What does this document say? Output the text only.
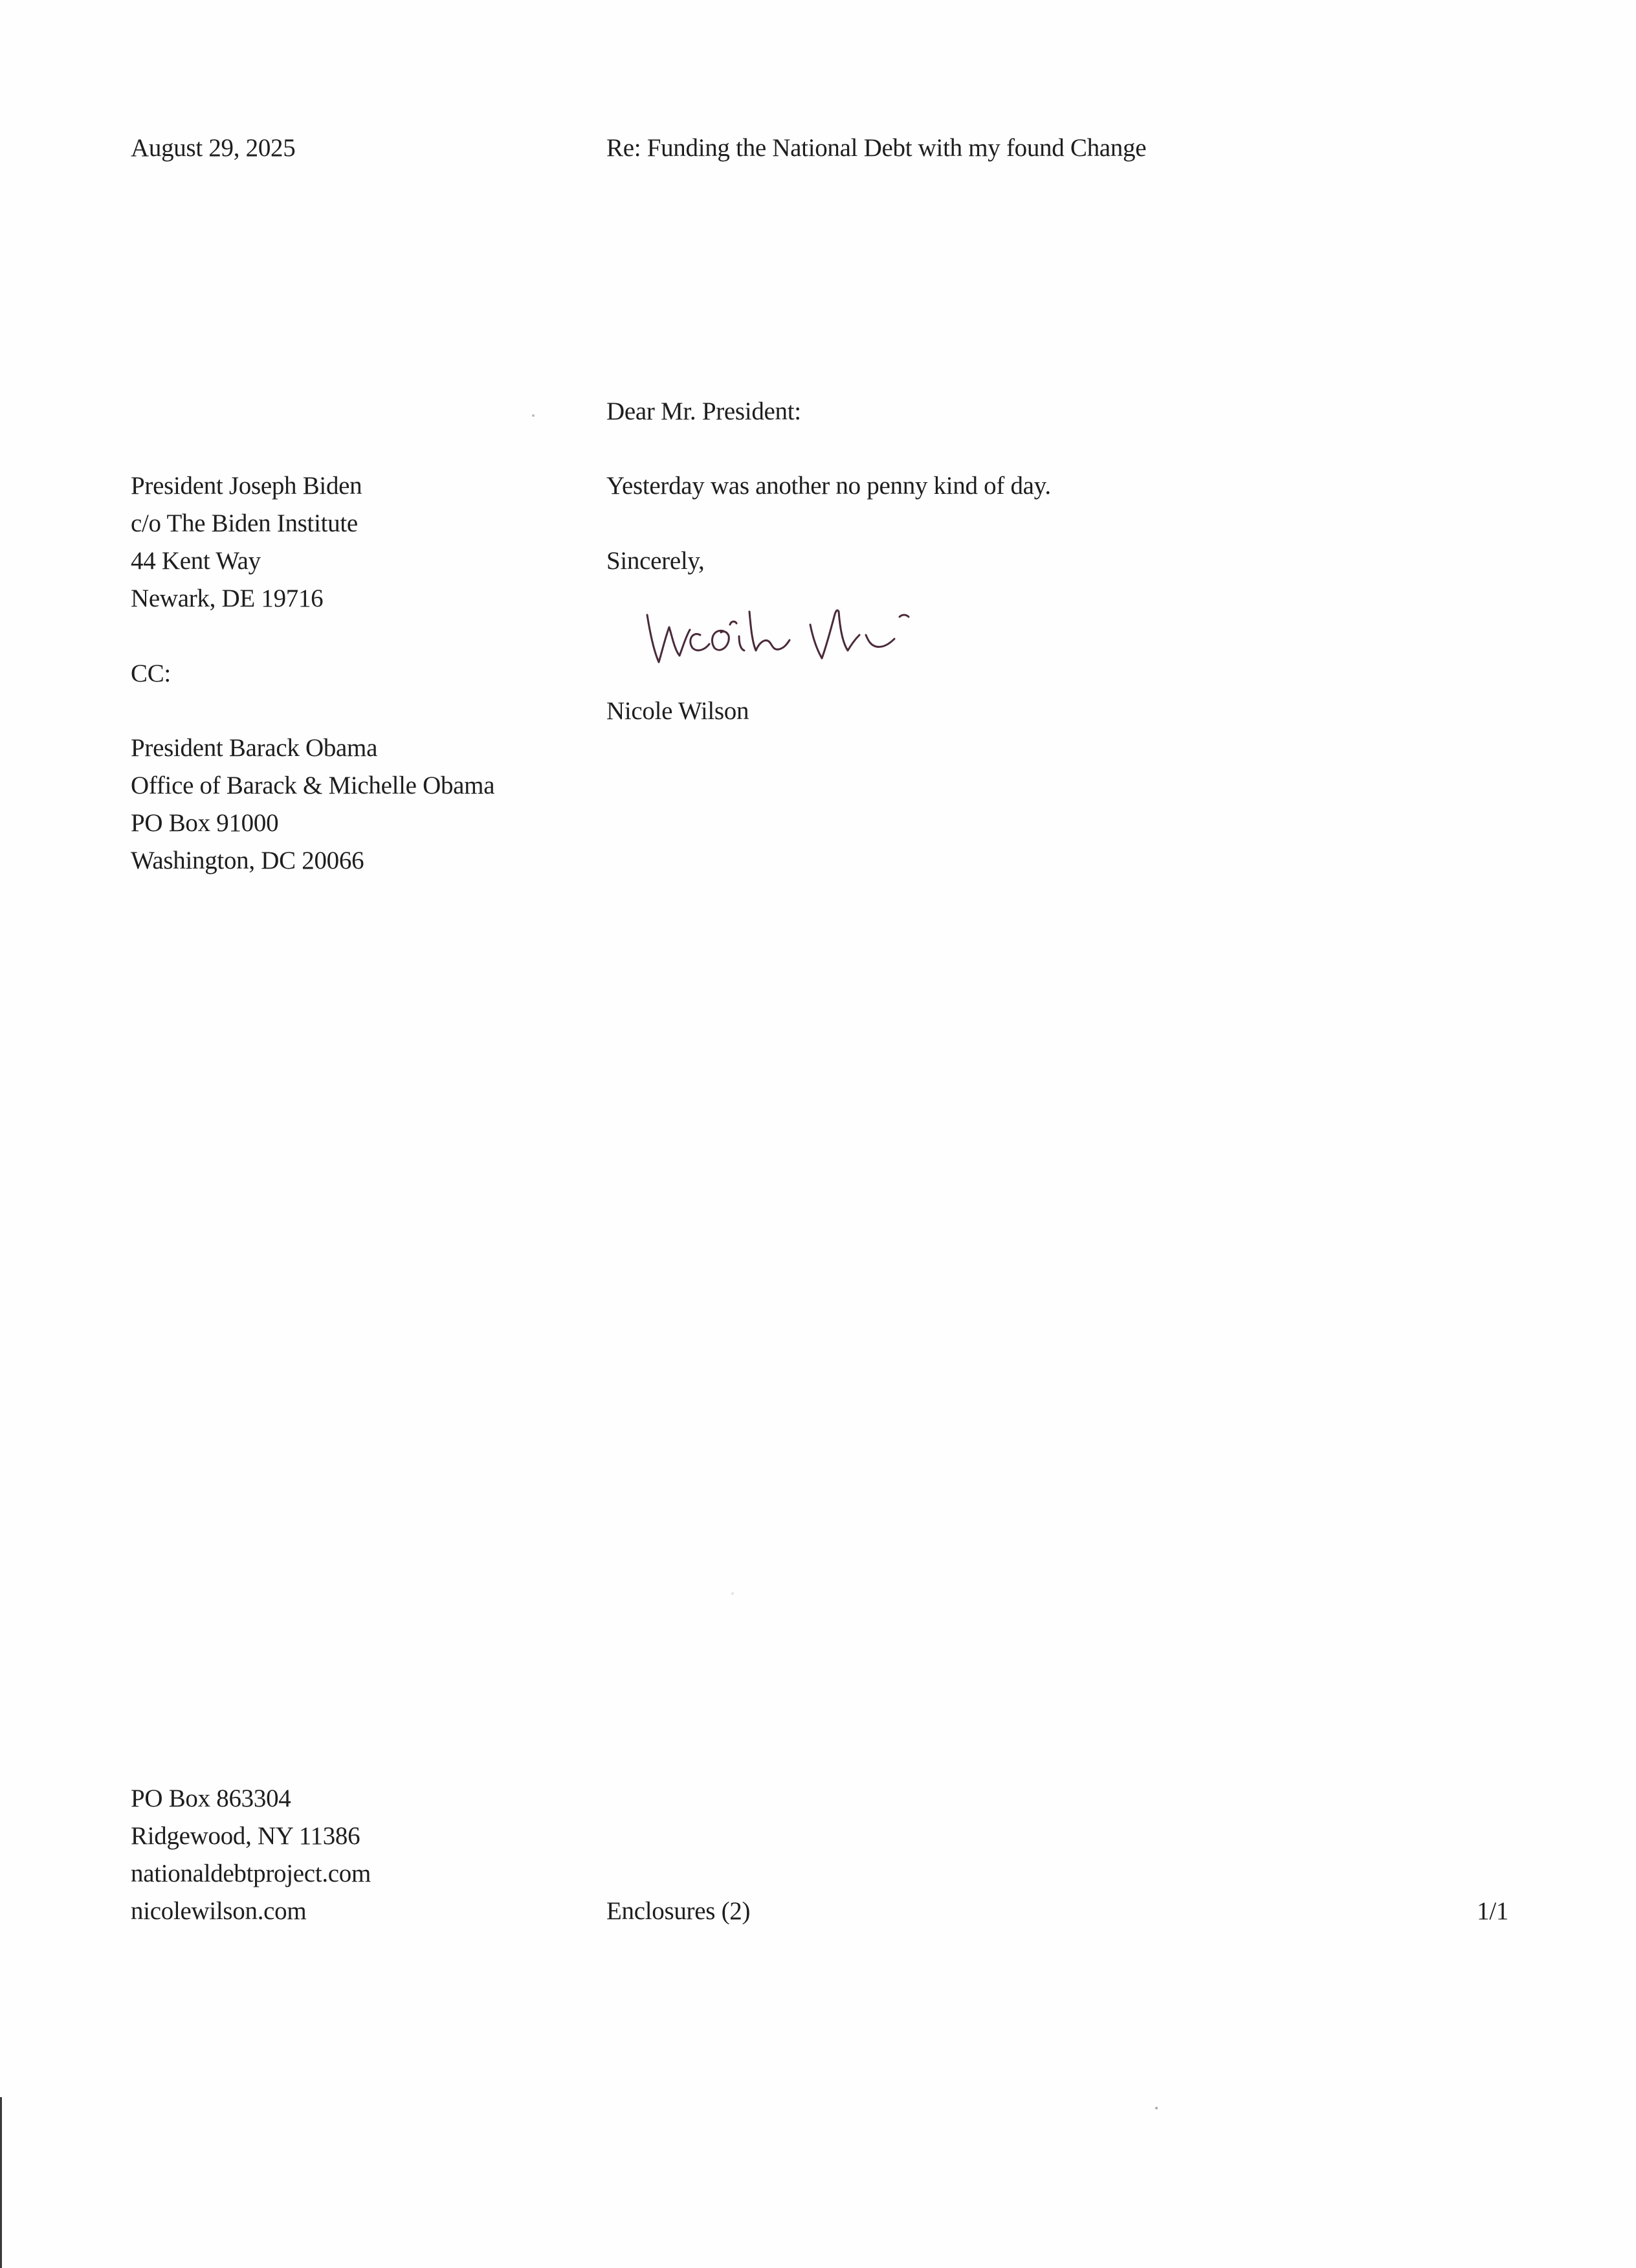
August 29, 2025	Re: Funding the National Debt with my found Change
Dear Mr. President:
President Joseph Biden
c/o The Biden Institute
44 Kent Way
Newark, DE 19716
CC:
President Barack Obama
Office of Barack & Michelle Obama
PO Box 91000
Washington, DC 20066
Yesterday was another no penny kind of day.
Sincerely,
Nicole Wilson
PO Box 863304
Ridgewood, NY 11386
nationaldebtproject.com
nicolewilson.com	Enclosures (2)	1/1
